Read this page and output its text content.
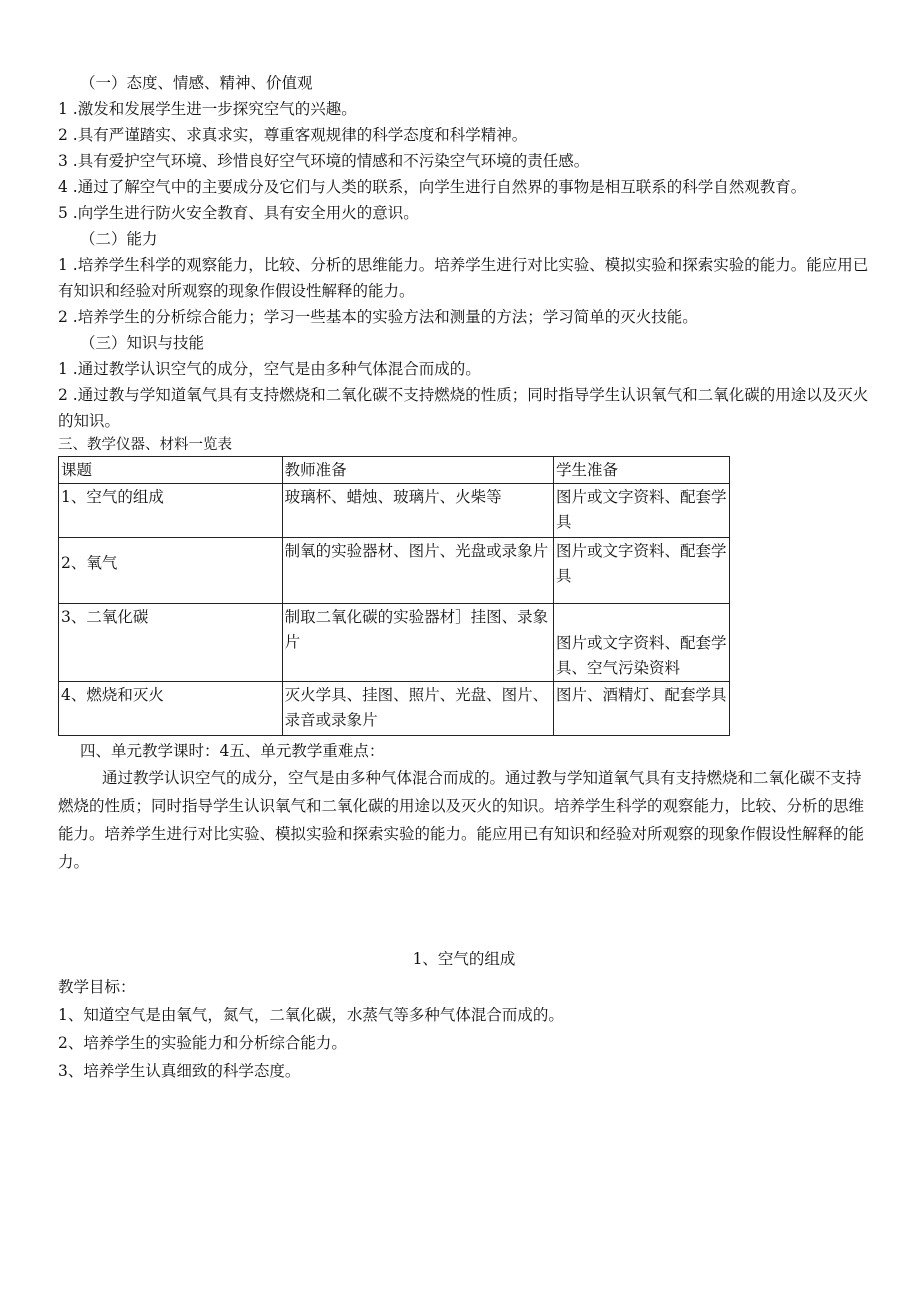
（一）态度、情感、精神、价值观

1 .激发和发展学生进一步探究空气的兴趣。

2 .具有严谨踏实、求真求实，尊重客观规律的科学态度和科学精神。

3 .具有爱护空气环境、珍惜良好空气环境的情感和不污染空气环境的责任感。

4 .通过了解空气中的主要成分及它们与人类的联系，向学生进行自然界的事物是相互联系的科学自然观教育。

5 .向学生进行防火安全教育、具有安全用火的意识。

（二）能力

1 .培养学生科学的观察能力，比较、分析的思维能力。培养学生进行对比实验、模拟实验和探索实验的能力。能应用已有知识和经验对所观察的现象作假设性解释的能力。

2 .培养学生的分析综合能力；学习一些基本的实验方法和测量的方法；学习简单的灭火技能。

（三）知识与技能

1 .通过教学认识空气的成分，空气是由多种气体混合而成的。

2 .通过教与学知道氧气具有支持燃烧和二氧化碳不支持燃烧的性质；同时指导学生认识氧气和二氧化碳的用途以及灭火的知识。

三、教学仪器、材料一览表

课题	教师准备	学生准备
1、空气的组成	玻璃杯、蜡烛、玻璃片、火柴等	图片或文字资料、配套学具
2、氧气	制氧的实验器材、图片、光盘或录象片	图片或文字资料、配套学具
3、二氧化碳	制取二氧化碳的实验器材］挂图、录象片	图片或文字资料、配套学具、空气污染资料
4、燃烧和灭火	灭火学具、挂图、照片、光盘、图片、录音或录象片	图片、酒精灯、配套学具

四、单元教学课时：4五、单元教学重难点：

通过教学认识空气的成分，空气是由多种气体混合而成的。通过教与学知道氧气具有支持燃烧和二氧化碳不支持燃烧的性质；同时指导学生认识氧气和二氧化碳的用途以及灭火的知识。培养学生科学的观察能力，比较、分析的思维能力。培养学生进行对比实验、模拟实验和探索实验的能力。能应用已有知识和经验对所观察的现象作假设性解释的能力。

1、空气的组成

教学目标：

1、知道空气是由氧气，氮气，二氧化碳，水蒸气等多种气体混合而成的。

2、培养学生的实验能力和分析综合能力。

3、培养学生认真细致的科学态度。
